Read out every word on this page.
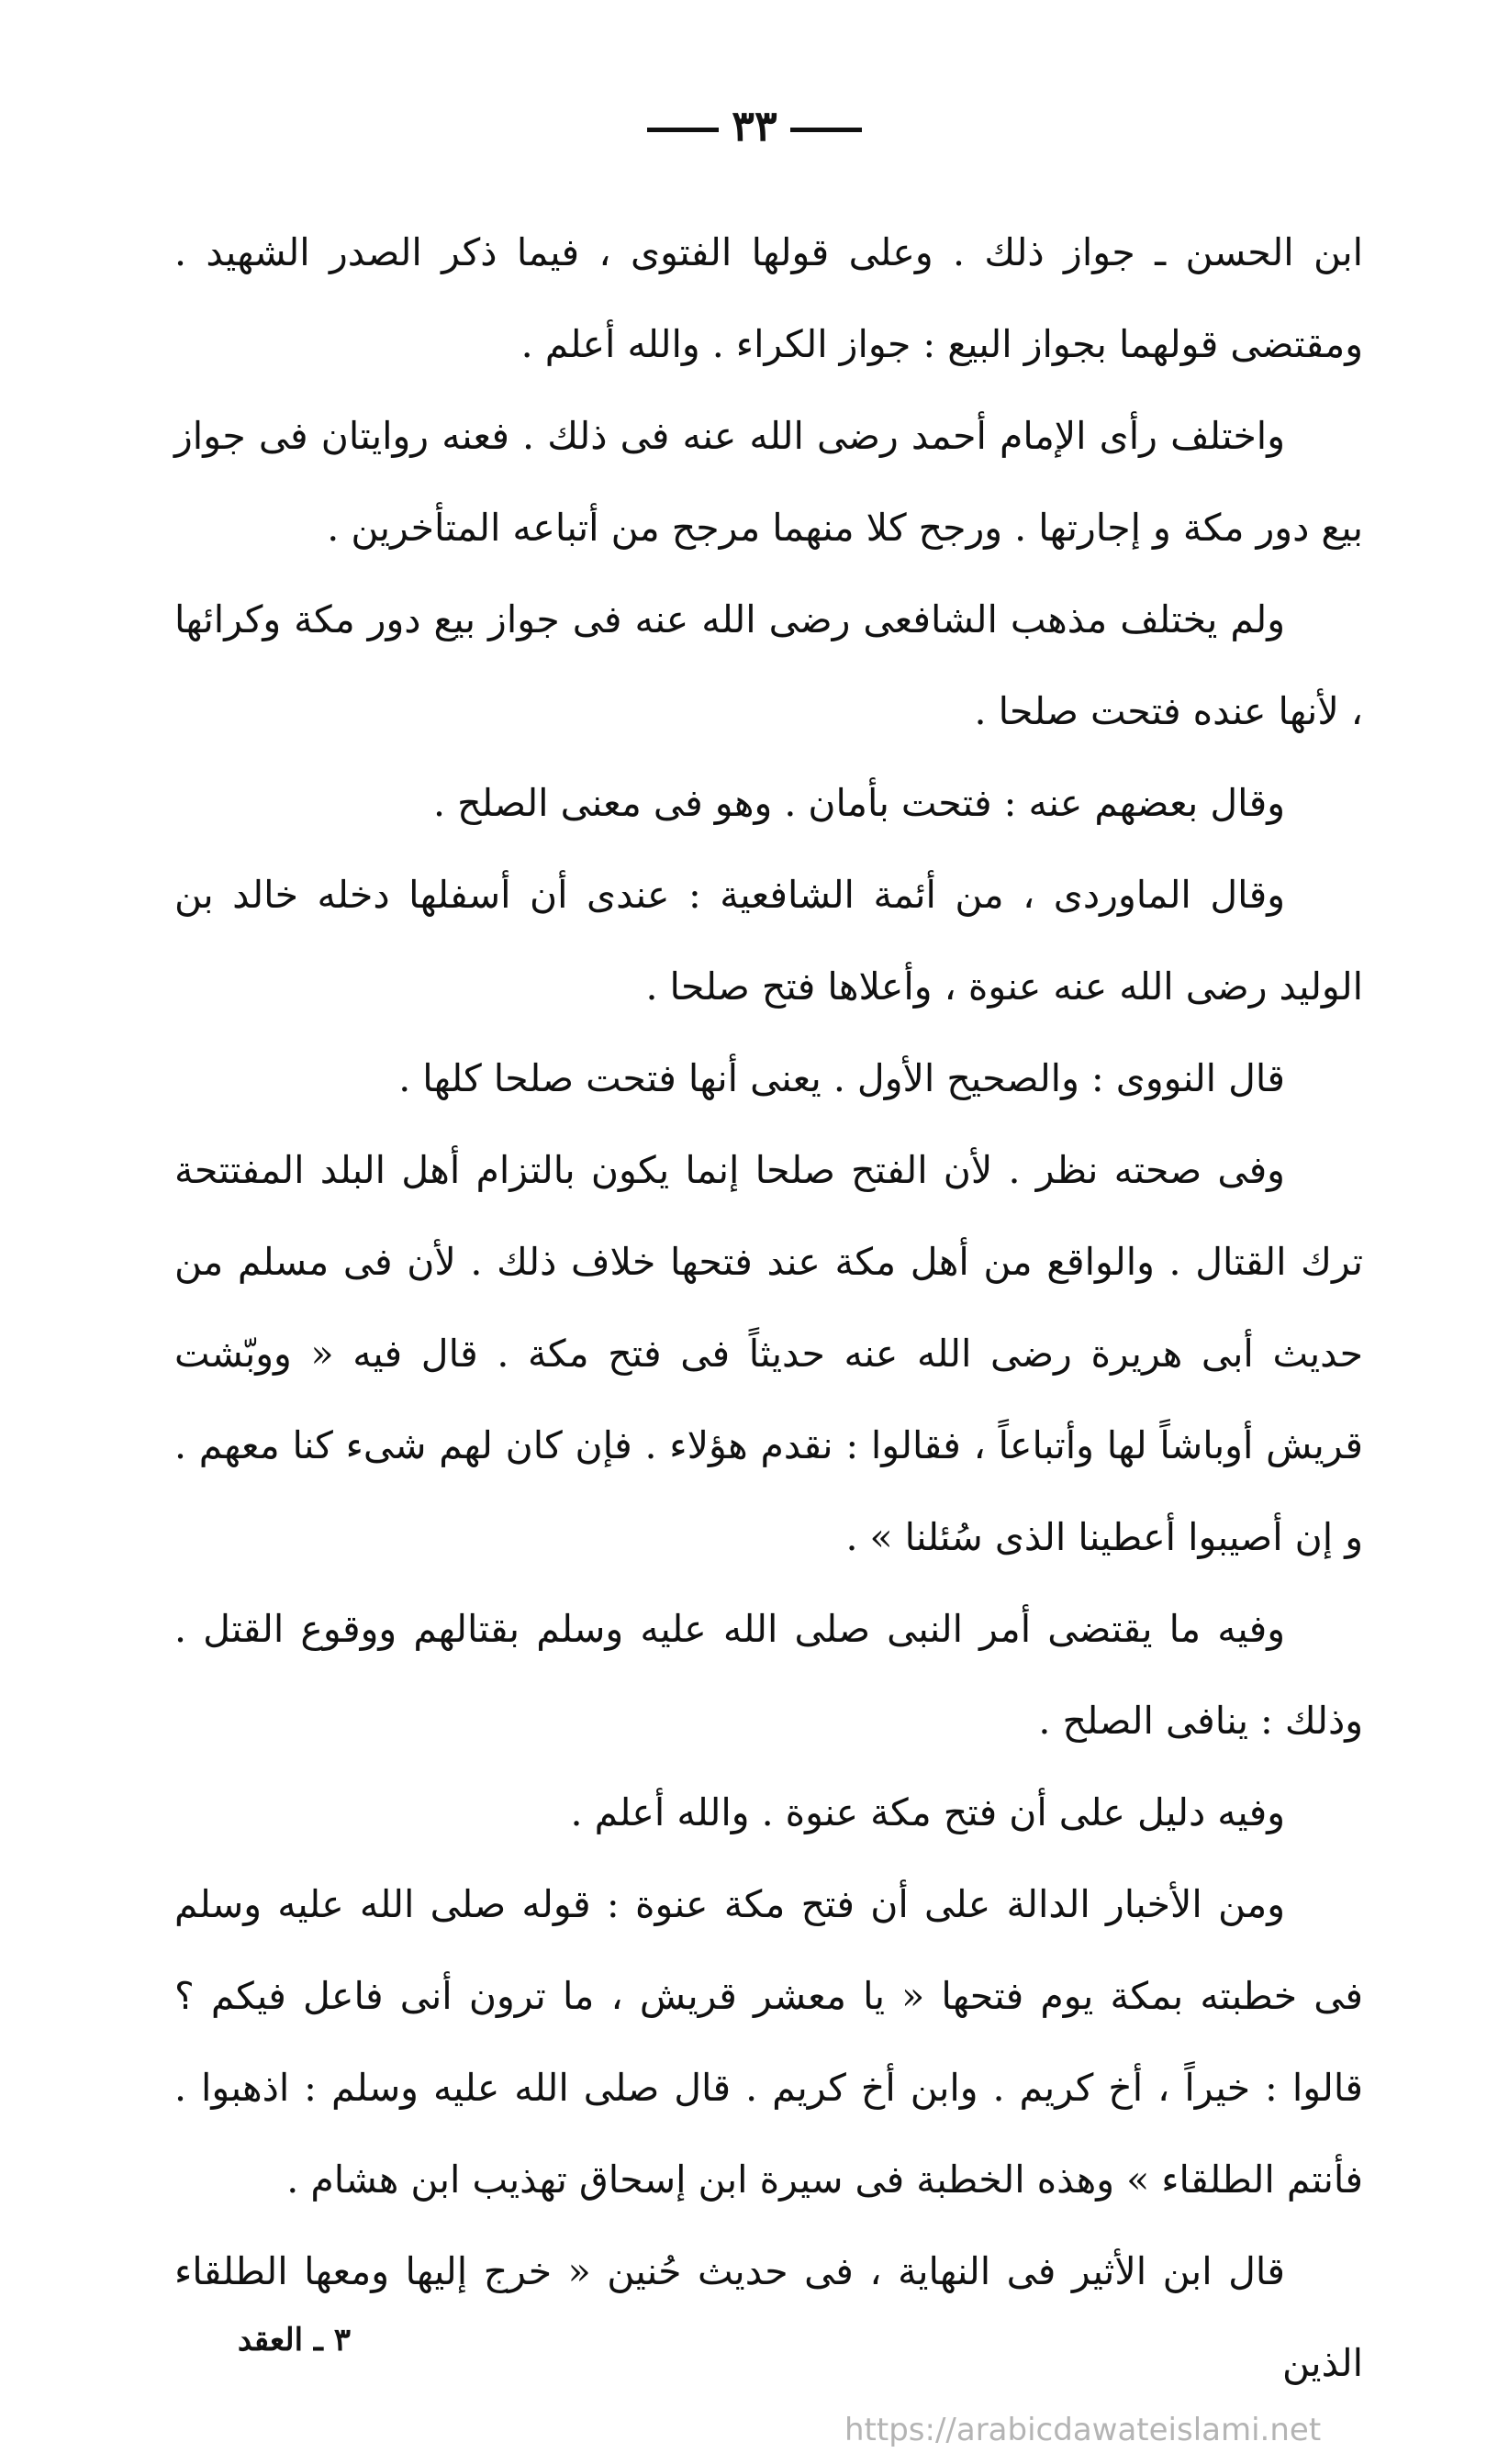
٣٣

ابن الحسن ـ جواز ذلك . وعلى قولها الفتوى ، فيما ذكر الصدر الشهيد . ومقتضى قولهما بجواز البيع : جواز الكراء . والله أعلم .

واختلف رأى الإمام أحمد رضى الله عنه فى ذلك . فعنه روايتان فى جواز بيع دور مكة و إجارتها . ورجح كلا منهما مرجح من أتباعه المتأخرين .

ولم يختلف مذهب الشافعى رضى الله عنه فى جواز بيع دور مكة وكرائها ، لأنها عنده فتحت صلحا .

وقال بعضهم عنه : فتحت بأمان . وهو فى معنى الصلح .

وقال الماوردى ، من أئمة الشافعية : عندى أن أسفلها دخله خالد بن الوليد رضى الله عنه عنوة ، وأعلاها فتح صلحا .

قال النووى : والصحيح الأول . يعنى أنها فتحت صلحا كلها .

وفى صحته نظر . لأن الفتح صلحا إنما يكون بالتزام أهل البلد المفتتحة ترك القتال . والواقع من أهل مكة عند فتحها خلاف ذلك . لأن فى مسلم من حديث أبى هريرة رضى الله عنه حديثاً فى فتح مكة . قال فيه « ووبّشت قريش أوباشاً لها وأتباعاً ، فقالوا : نقدم هؤلاء . فإن كان لهم شىء كنا معهم . و إن أصيبوا أعطينا الذى سُئلنا » .

وفيه ما يقتضى أمر النبى صلى الله عليه وسلم بقتالهم ووقوع القتل . وذلك : ينافى الصلح .

وفيه دليل على أن فتح مكة عنوة . والله أعلم .

ومن الأخبار الدالة على أن فتح مكة عنوة : قوله صلى الله عليه وسلم فى خطبته بمكة يوم فتحها « يا معشر قريش ، ما ترون أنى فاعل فيكم ؟ قالوا : خيراً ، أخ كريم . وابن أخ كريم . قال صلى الله عليه وسلم : اذهبوا . فأنتم الطلقاء » وهذه الخطبة فى سيرة ابن إسحاق تهذيب ابن هشام .

قال ابن الأثير فى النهاية ، فى حديث حُنين « خرج إليها ومعها الطلقاء الذين

٣ ـ العقد
https://arabicdawateislami.net
